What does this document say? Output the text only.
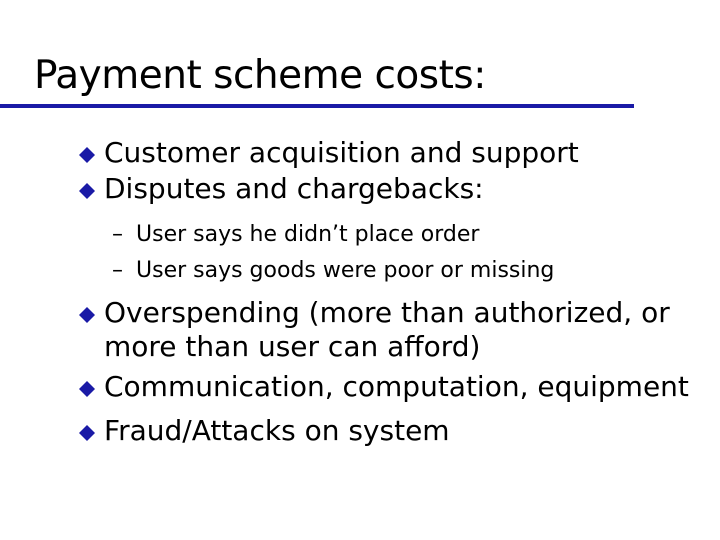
Payment scheme costs:
Customer acquisition and support
Disputes and chargebacks:
– User says he didn’t place order
– User says goods were poor or missing
Overspending (more than authorized, or
more than user can afford)
Communication, computation, equipment
Fraud/Attacks on system
